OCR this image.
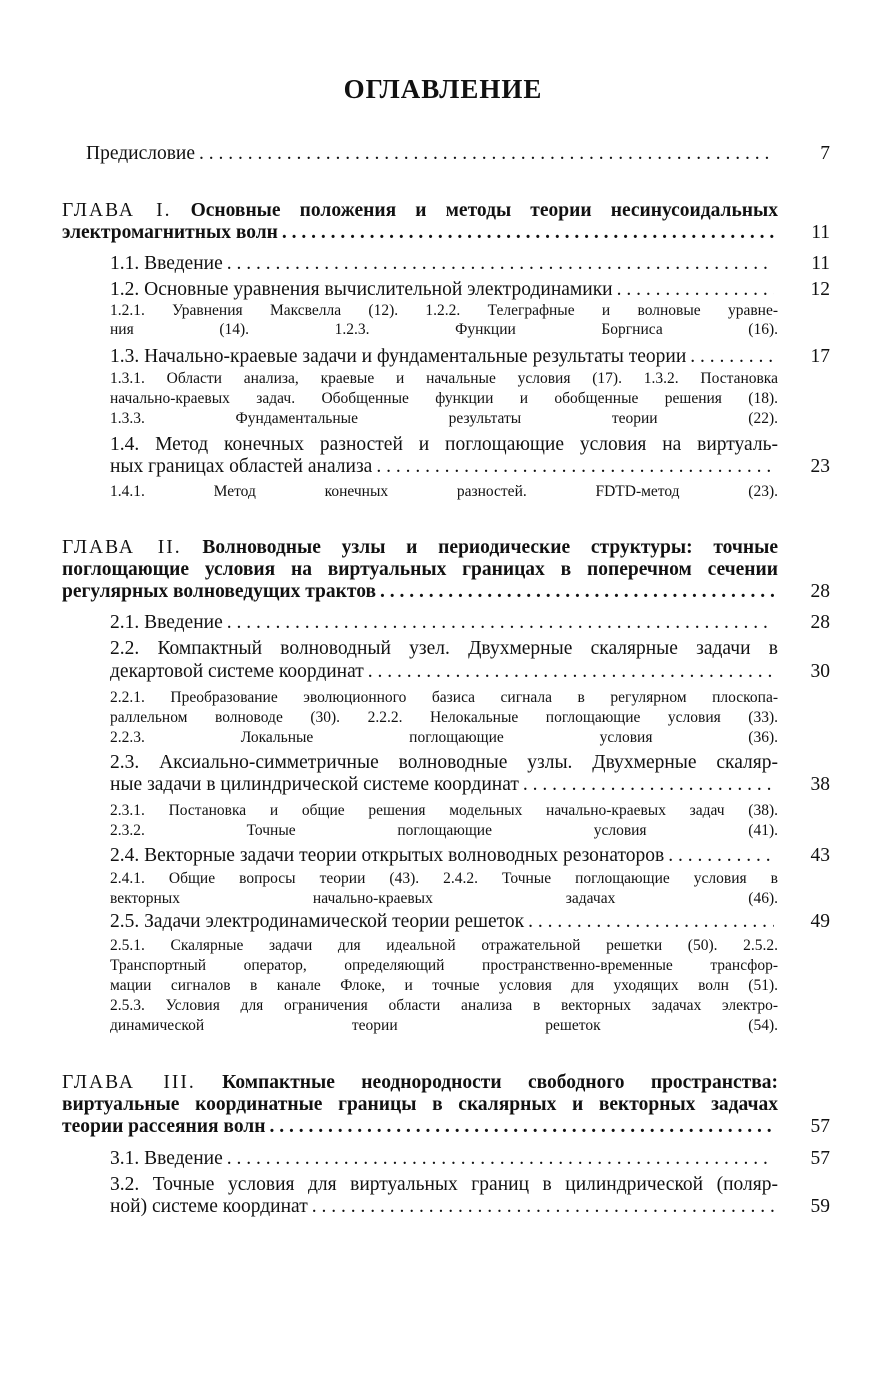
ОГЛАВЛЕНИЕ
Предисловие . . .	7
ГЛАВА I. Основные положения и методы теории несинусоидальных
электромагнитных волн . . .	11
1.1. Введение . . .	11
1.2. Основные уравнения вычислительной электродинамики . . .	12
1.2.1. Уравнения Максвелла (12). 1.2.2. Телеграфные и волновые уравне-
ния (14). 1.2.3. Функции Боргниса (16).
1.3. Начально-краевые задачи и фундаментальные результаты теории . . .	17
1.3.1. Области анализа, краевые и начальные условия (17). 1.3.2. Постановка
начально-краевых задач. Обобщенные функции и обобщенные решения (18).
1.3.3. Фундаментальные результаты теории (22).
1.4. Метод конечных разностей и поглощающие условия на виртуаль-
ных границах областей анализа . . .	23
1.4.1. Метод конечных разностей. FDTD-метод (23).
ГЛАВА II. Волноводные узлы и периодические структуры: точные
поглощающие условия на виртуальных границах в поперечном сечении
регулярных волноведущих трактов . . .	28
2.1. Введение . . .	28
2.2. Компактный волноводный узел. Двухмерные скалярные задачи в
декартовой системе координат . . .	30
2.2.1. Преобразование эволюционного базиса сигнала в регулярном плоскопа-
раллельном волноводе (30). 2.2.2. Нелокальные поглощающие условия (33).
2.2.3. Локальные поглощающие условия (36).
2.3. Аксиально-симметричные волноводные узлы. Двухмерные скаляр-
ные задачи в цилиндрической системе координат . . .	38
2.3.1. Постановка и общие решения модельных начально-краевых задач (38).
2.3.2. Точные поглощающие условия (41).
2.4. Векторные задачи теории открытых волноводных резонаторов . . .	43
2.4.1. Общие вопросы теории (43). 2.4.2. Точные поглощающие условия в
векторных начально-краевых задачах (46).
2.5. Задачи электродинамической теории решеток . . .	49
2.5.1. Скалярные задачи для идеальной отражательной решетки (50). 2.5.2.
Транспортный оператор, определяющий пространственно-временные трансфор-
мации сигналов в канале Флоке, и точные условия для уходящих волн (51).
2.5.3. Условия для ограничения области анализа в векторных задачах электро-
динамической теории решеток (54).
ГЛАВА III. Компактные неоднородности свободного пространства:
виртуальные координатные границы в скалярных и векторных задачах
теории рассеяния волн . . .	57
3.1. Введение . . .	57
3.2. Точные условия для виртуальных границ в цилиндрической (поляр-
ной) системе координат . . .	59
